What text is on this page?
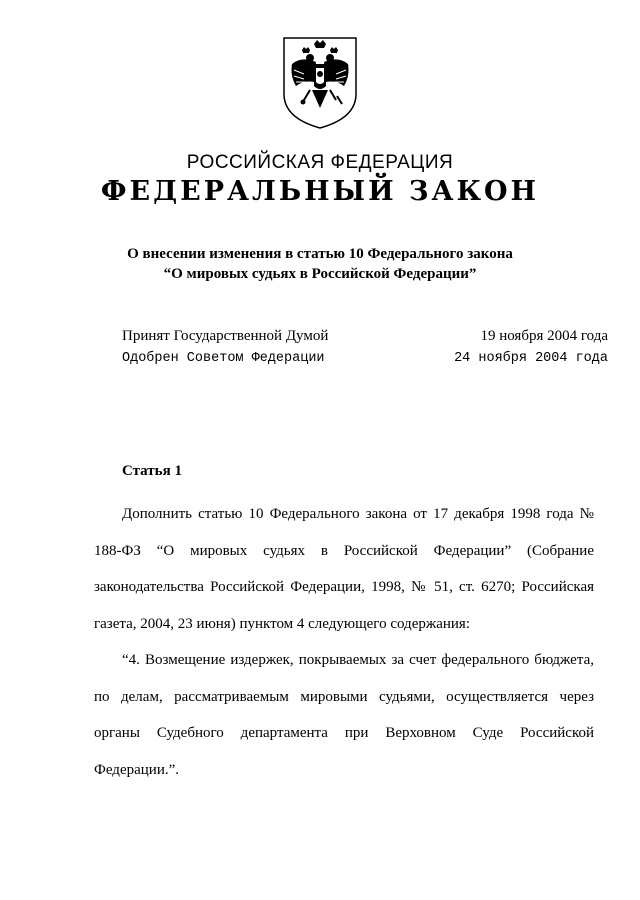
РОССИЙСКАЯ ФЕДЕРАЦИЯ
ФЕДЕРАЛЬНЫЙ ЗАКОН
О внесении изменения в статью 10 Федерального закона
“О мировых судьях в Российской Федерации”
Принят Государственной Думой	19 ноября 2004 года
Одобрен Советом Федерации	24 ноября 2004 года
Статья 1

Дополнить статью 10 Федерального закона от 17 декабря 1998 года № 188-ФЗ “О мировых судьях в Российской Федерации” (Собрание законодательства Российской Федерации, 1998, № 51, ст. 6270; Российская газета, 2004, 23 июня) пунктом 4 следующего содержания:

“4. Возмещение издержек, покрываемых за счет федерального бюджета, по делам, рассматриваемым мировыми судьями, осуществляется через органы Судебного департамента при Верховном Суде Российской Федерации.”.
